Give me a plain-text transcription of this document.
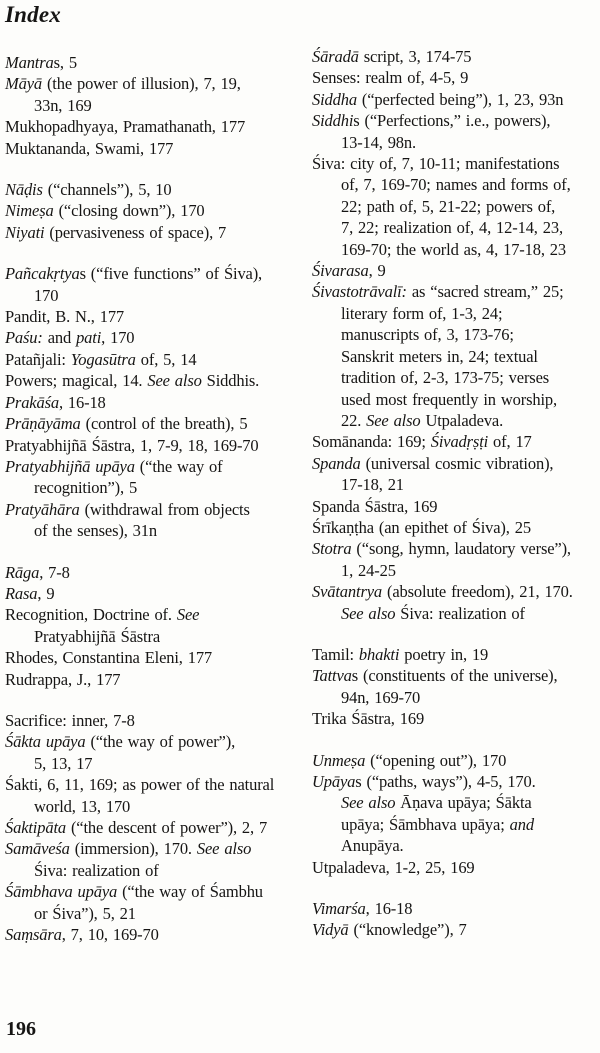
Index
Mantras, 5
Māyā (the power of illusion), 7, 19,
33n, 169
Mukhopadhyaya, Pramathanath, 177
Muktananda, Swami, 177
Nāḍis (“channels”), 5, 10
Nimeṣa (“closing down”), 170
Niyati (pervasiveness of space), 7
Pañcakṛtyas (“five functions” of Śiva),
170
Pandit, B. N., 177
Paśu: and pati, 170
Patañjali: Yogasūtra of, 5, 14
Powers; magical, 14. See also Siddhis.
Prakāśa, 16-18
Prāṇāyāma (control of the breath), 5
Pratyabhijñā Śāstra, 1, 7-9, 18, 169-70
Pratyabhijñā upāya (“the way of
recognition”), 5
Pratyāhāra (withdrawal from objects
of the senses), 31n
Rāga, 7-8
Rasa, 9
Recognition, Doctrine of. See
Pratyabhijñā Śāstra
Rhodes, Constantina Eleni, 177
Rudrappa, J., 177
Sacrifice: inner, 7-8
Śākta upāya (“the way of power”),
5, 13, 17
Śakti, 6, 11, 169; as power of the natural
world, 13, 170
Śaktipāta (“the descent of power”), 2, 7
Samāveśa (immersion), 170. See also
Śiva: realization of
Śāmbhava upāya (“the way of Śambhu
or Śiva”), 5, 21
Saṃsāra, 7, 10, 169-70
Śāradā script, 3, 174-75
Senses: realm of, 4-5, 9
Siddha (“perfected being”), 1, 23, 93n
Siddhis (“Perfections,” i.e., powers),
13-14, 98n.
Śiva: city of, 7, 10-11; manifestations
of, 7, 169-70; names and forms of,
22; path of, 5, 21-22; powers of,
7, 22; realization of, 4, 12-14, 23,
169-70; the world as, 4, 17-18, 23
Śivarasa, 9
Śivastotrāvalī: as “sacred stream,” 25;
literary form of, 1-3, 24;
manuscripts of, 3, 173-76;
Sanskrit meters in, 24; textual
tradition of, 2-3, 173-75; verses
used most frequently in worship,
22. See also Utpaladeva.
Somānanda: 169; Śivadṛṣṭi of, 17
Spanda (universal cosmic vibration),
17-18, 21
Spanda Śāstra, 169
Śrīkaṇṭha (an epithet of Śiva), 25
Stotra (“song, hymn, laudatory verse”),
1, 24-25
Svātantrya (absolute freedom), 21, 170.
See also Śiva: realization of
Tamil: bhakti poetry in, 19
Tattvas (constituents of the universe),
94n, 169-70
Trika Śāstra, 169
Unmeṣa (“opening out”), 170
Upāyas (“paths, ways”), 4-5, 170.
See also Āṇava upāya; Śākta
upāya; Śāmbhava upāya; and
Anupāya.
Utpaladeva, 1-2, 25, 169
Vimarśa, 16-18
Vidyā (“knowledge”), 7
196
